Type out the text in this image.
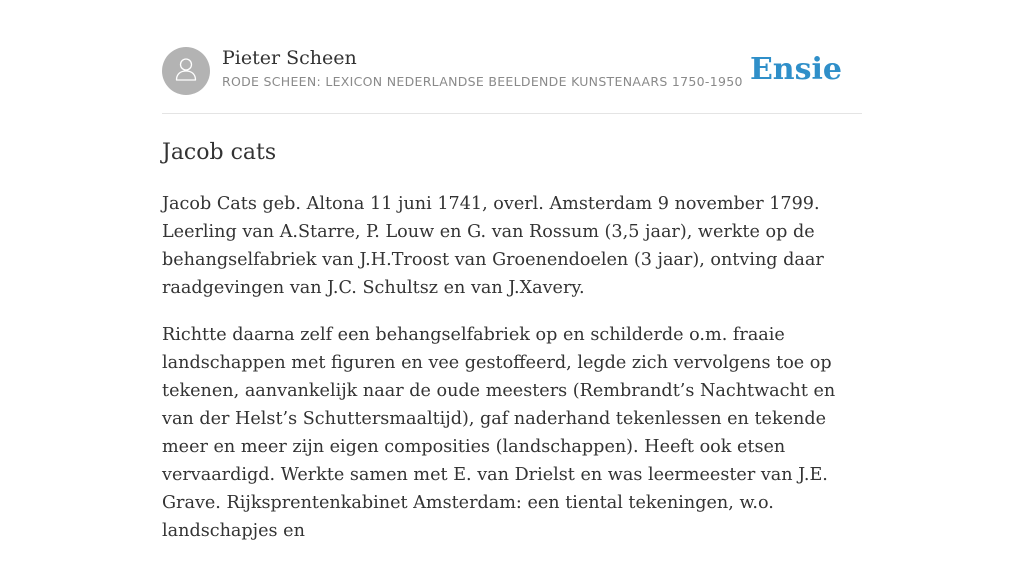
Pieter Scheen
RODE SCHEEN: LEXICON NEDERLANDSE BEELDENDE KUNSTENAARS 1750-1950 Ensie
Jacob cats

Jacob Cats geb. Altona 11 juni 1741, overl. Amsterdam 9 november 1799. Leerling van A.Starre, P. Louw en G. van Rossum (3,5 jaar), werkte op de behangselfabriek van J.H.Troost van Groenendoelen (3 jaar), ontving daar raadgevingen van J.C. Schultsz en van J.Xavery.

Richtte daarna zelf een behangselfabriek op en schilderde o.m. fraaie landschappen met figuren en vee gestoffeerd, legde zich vervolgens toe op tekenen, aanvankelijk naar de oude meesters (Rembrandt’s Nachtwacht en van der Helst’s Schuttersmaaltijd), gaf naderhand tekenlessen en tekende meer en meer zijn eigen composities (landschappen). Heeft ook etsen vervaardigd. Werkte samen met E. van Drielst en was leermeester van J.E. Grave. Rijksprentenkabinet Amsterdam: een tiental tekeningen, w.o. landschapjes en
